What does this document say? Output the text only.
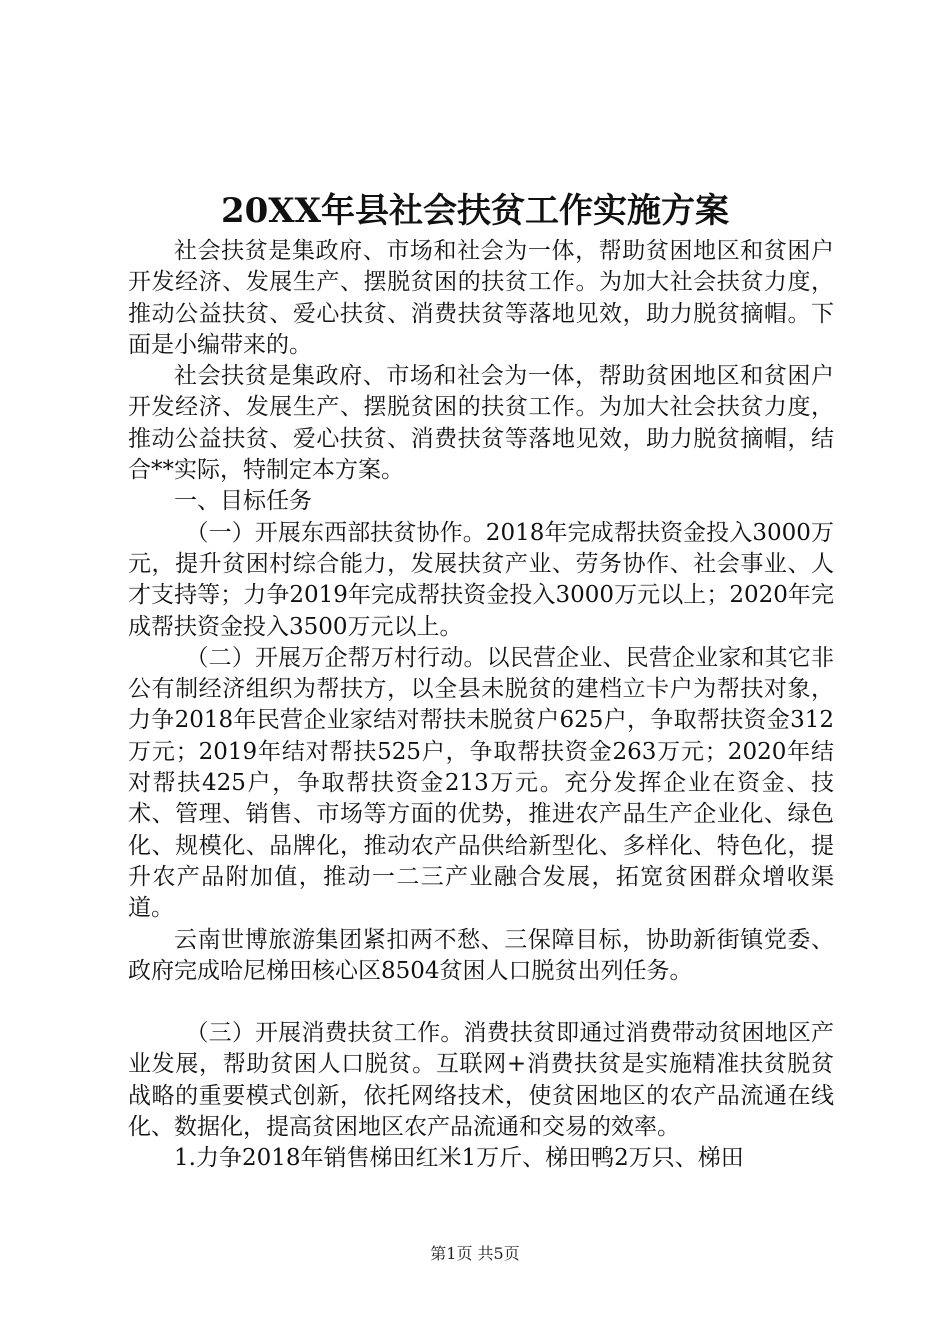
20XX年县社会扶贫工作实施方案

社会扶贫是集政府、市场和社会为一体，帮助贫困地区和贫困户开发经济、发展生产、摆脱贫困的扶贫工作。为加大社会扶贫力度，推动公益扶贫、爱心扶贫、消费扶贫等落地见效，助力脱贫摘帽。下面是小编带来的。

社会扶贫是集政府、市场和社会为一体，帮助贫困地区和贫困户开发经济、发展生产、摆脱贫困的扶贫工作。为加大社会扶贫力度，推动公益扶贫、爱心扶贫、消费扶贫等落地见效，助力脱贫摘帽，结合**实际，特制定本方案。

一、目标任务

（一）开展东西部扶贫协作。2018年完成帮扶资金投入3000万元，提升贫困村综合能力，发展扶贫产业、劳务协作、社会事业、人才支持等；力争2019年完成帮扶资金投入3000万元以上；2020年完成帮扶资金投入3500万元以上。

（二）开展万企帮万村行动。以民营企业、民营企业家和其它非公有制经济组织为帮扶方，以全县未脱贫的建档立卡户为帮扶对象，力争2018年民营企业家结对帮扶未脱贫户625户，争取帮扶资金312万元；2019年结对帮扶525户，争取帮扶资金263万元；2020年结对帮扶425户，争取帮扶资金213万元。充分发挥企业在资金、技术、管理、销售、市场等方面的优势，推进农产品生产企业化、绿色化、规模化、品牌化，推动农产品供给新型化、多样化、特色化，提升农产品附加值，推动一二三产业融合发展，拓宽贫困群众增收渠道。

云南世博旅游集团紧扣两不愁、三保障目标，协助新街镇党委、政府完成哈尼梯田核心区8504贫困人口脱贫出列任务。

（三）开展消费扶贫工作。消费扶贫即通过消费带动贫困地区产业发展，帮助贫困人口脱贫。互联网+消费扶贫是实施精准扶贫脱贫战略的重要模式创新，依托网络技术，使贫困地区的农产品流通在线化、数据化，提高贫困地区农产品流通和交易的效率。

1.力争2018年销售梯田红米1万斤、梯田鸭2万只、梯田

第1页 共5页
